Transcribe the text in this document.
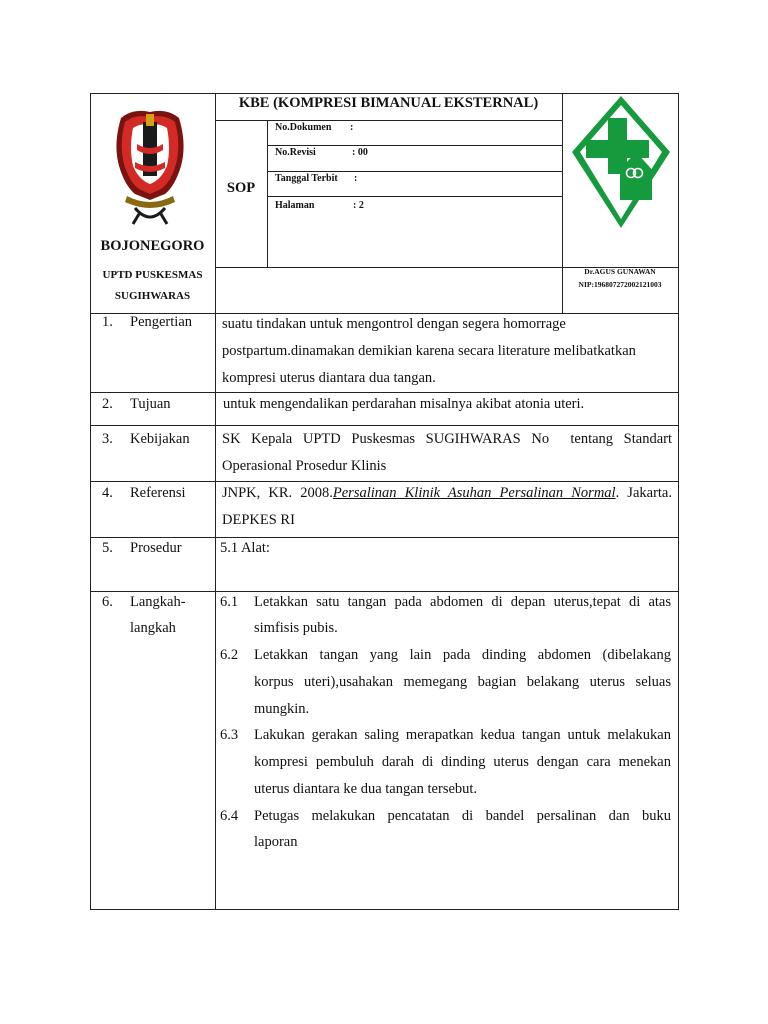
BOJONEGORO
UPTD PUSKESMAS
SUGIHWARAS
KBE (KOMPRESI BIMANUAL EKSTERNAL)
SOP
No.Dokumen :
No.Revisi	: 00
Tanggal Terbit :
Halaman	: 2
Dr.AGUS GUNAWAN
NIP:196807272002121003
1. Pengertian suatu tindakan untuk mengontrol dengan segera homorrage
postpartum.dinamakan demikian karena secara literature melibatkatkan
kompresi uterus diantara dua tangan.
2. Tujuan	untuk mengendalikan perdarahan misalnya akibat atonia uteri.
3. Kebijakan SK Kepala UPTD Puskesmas SUGIHWARAS No  tentang Standart
Operasional Prosedur Klinis
4. Referensi	JNPK, KR. 2008.Persalinan Klinik Asuhan Persalinan Normal. Jakarta.
DEPKES RI
5. Prosedur	5.1 Alat:
6. Langkah-
langkah
6.1 Letakkan satu tangan pada abdomen di depan uterus,tepat di atas
simfisis pubis.
6.2 Letakkan tangan yang lain pada dinding abdomen (dibelakang
korpus uteri),usahakan memegang bagian belakang uterus seluas mungkin.
6.3 Lakukan gerakan saling merapatkan kedua tangan untuk melakukan
kompresi pembuluh darah di dinding uterus dengan cara menekan uterus diantara ke dua tangan tersebut.
6.4 Petugas melakukan pencatatan di bandel persalinan dan buku
laporan
